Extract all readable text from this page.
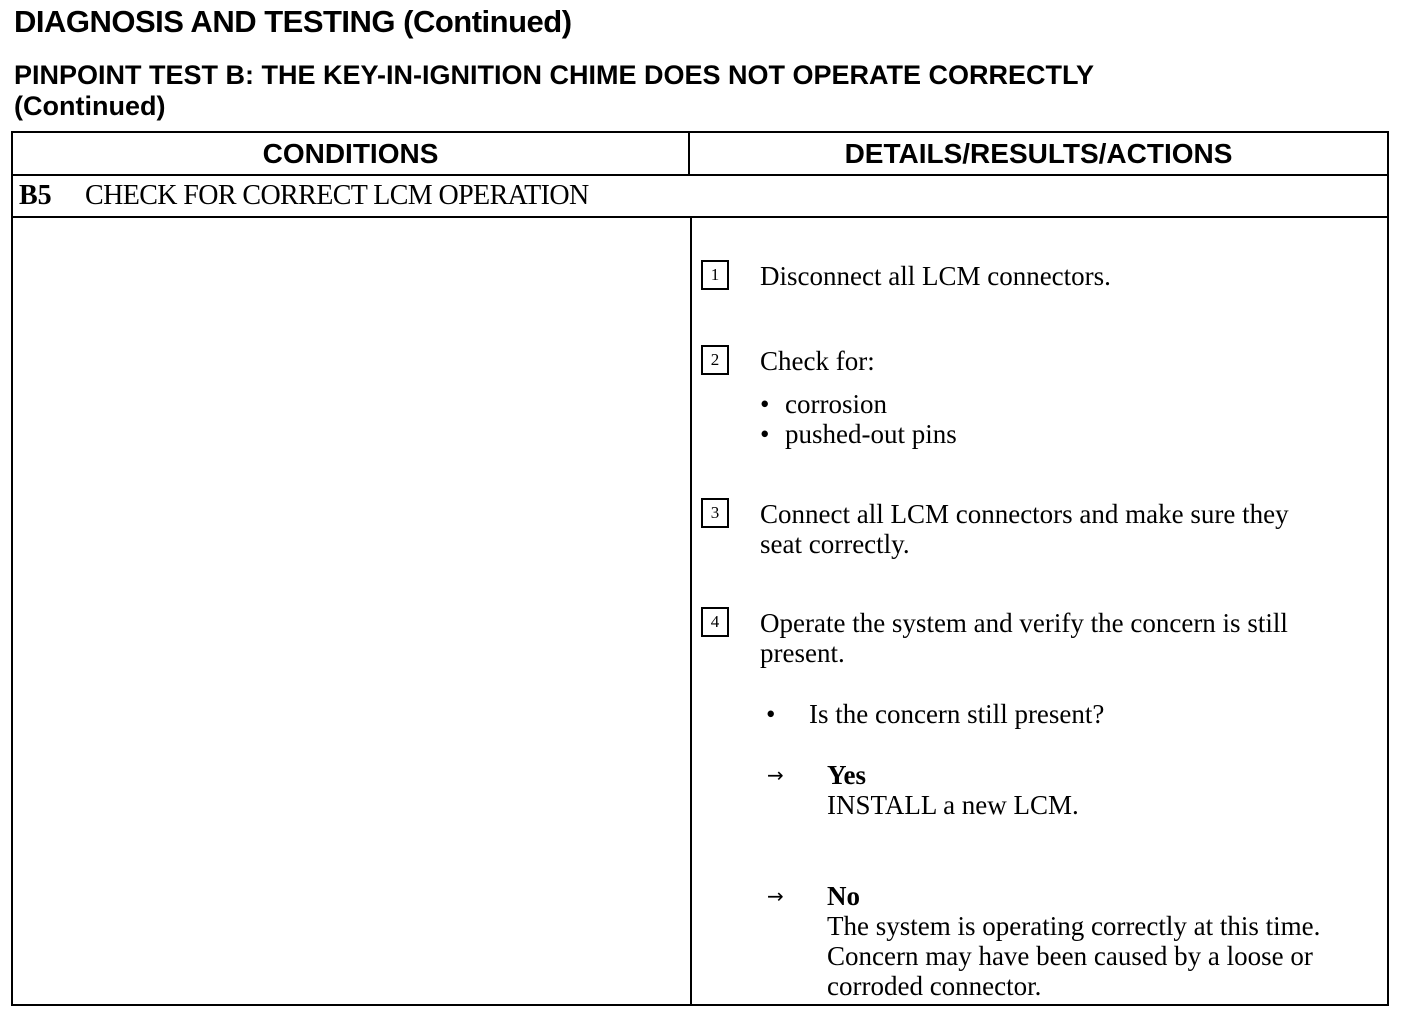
DIAGNOSIS AND TESTING (Continued)
PINPOINT TEST B: THE KEY-IN-IGNITION CHIME DOES NOT OPERATE CORRECTLY
(Continued)
CONDITIONS	DETAILS/RESULTS/ACTIONS
B5 CHECK FOR CORRECT LCM OPERATION
1	Disconnect all LCM connectors.
2	Check for:
• corrosion
• pushed-out pins
3	Connect all LCM connectors and make sure they
seat correctly.
4	Operate the system and verify the concern is still
present.
• Is the concern still present?
→ Yes
INSTALL a new LCM.
→ No
The system is operating correctly at this time.
Concern may have been caused by a loose or
corroded connector.
